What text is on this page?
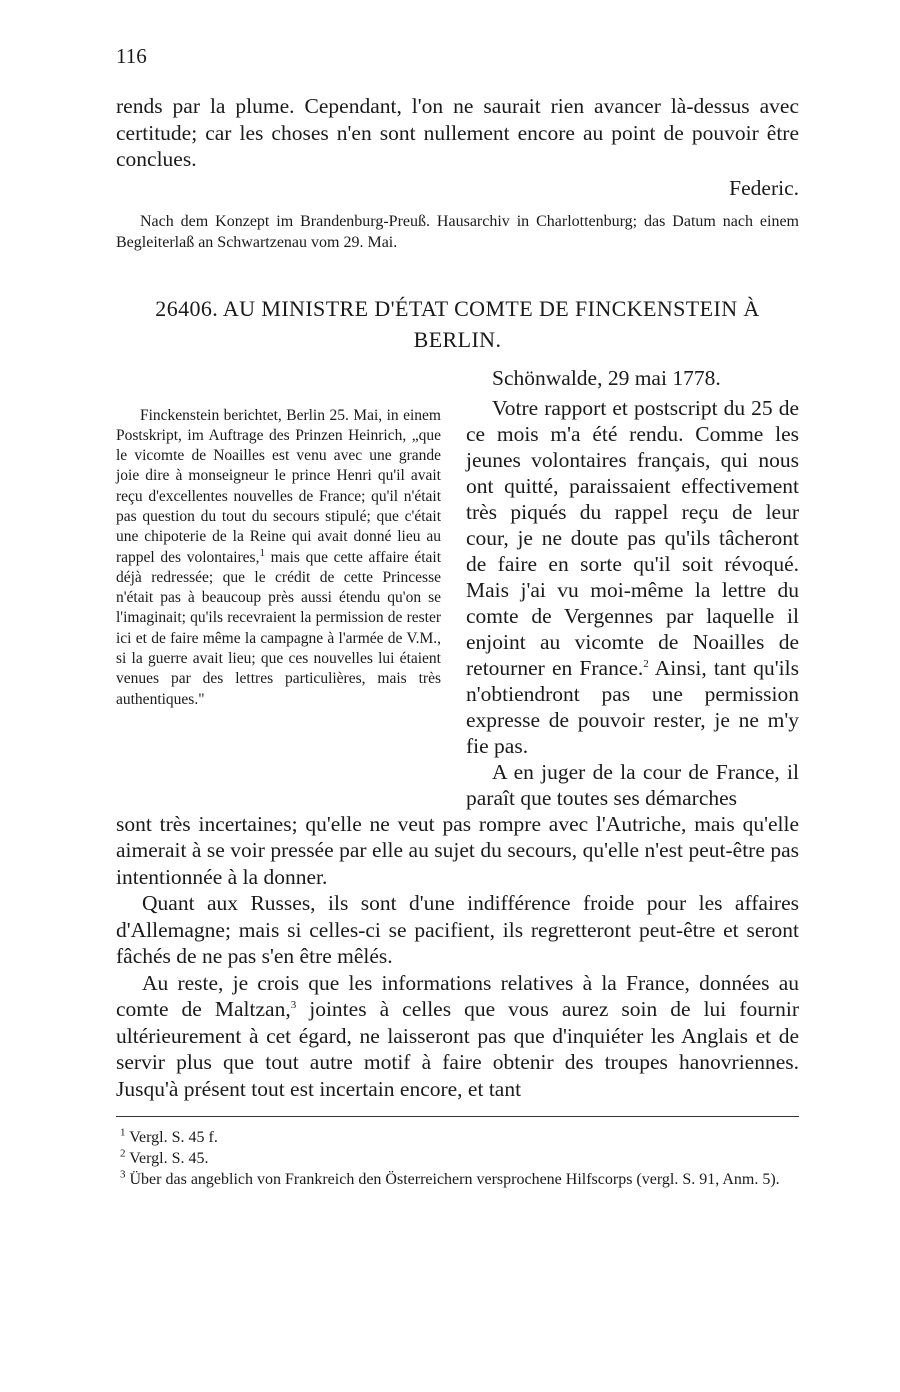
116

rends par la plume. Cependant, l'on ne saurait rien avancer là-dessus avec certitude; car les choses n'en sont nullement encore au point de pouvoir être conclues.

Federic.

Nach dem Konzept im Brandenburg-Preuß. Hausarchiv in Charlottenburg; das Datum nach einem Begleiterlaß an Schwartzenau vom 29. Mai.

26406. AU MINISTRE D'ÉTAT COMTE DE FINCKENSTEIN À
BERLIN.

Finckenstein berichtet, Berlin 25. Mai, in einem Postskript, im Auftrage des Prinzen Heinrich, „que le vicomte de Noailles est venu avec une grande joie dire à monseigneur le prince Henri qu'il avait reçu d'excellentes nouvelles de France; qu'il n'était pas question du tout du secours stipulé; que c'était une chipoterie de la Reine qui avait donné lieu au rappel des volontaires,$^1$ mais que cette affaire était déjà redressée; que le crédit de cette Princesse n'était pas à beaucoup près aussi étendu qu'on se l'imaginait; qu'ils recevraient la permission de rester ici et de faire même la campagne à l'armée de V.M., si la guerre avait lieu; que ces nouvelles lui étaient venues par des lettres particulières, mais très authentiques."

Schönwalde, 29 mai 1778.

Votre rapport et postscript du 25 de ce mois m'a été rendu. Comme les jeunes volontaires français, qui nous ont quitté, paraissaient effectivement très piqués du rappel reçu de leur cour, je ne doute pas qu'ils tâcheront de faire en sorte qu'il soit révoqué. Mais j'ai vu moi-même la lettre du comte de Vergennes par laquelle il enjoint au vicomte de Noailles de retourner en France.$^2$ Ainsi, tant qu'ils n'obtiendront pas une permission expresse de pouvoir rester, je ne m'y fie pas.

A en juger de la cour de France, il paraît que toutes ses démarches

sont très incertaines; qu'elle ne veut pas rompre avec l'Autriche, mais qu'elle aimerait à se voir pressée par elle au sujet du secours, qu'elle n'est peut-être pas intentionnée à la donner.

Quant aux Russes, ils sont d'une indifférence froide pour les affaires d'Allemagne; mais si celles-ci se pacifient, ils regretteront peut-être et seront fâchés de ne pas s'en être mêlés.

Au reste, je crois que les informations relatives à la France, données au comte de Maltzan,$^3$ jointes à celles que vous aurez soin de lui fournir ultérieurement à cet égard, ne laisseront pas que d'inquiéter les Anglais et de servir plus que tout autre motif à faire obtenir des troupes hanovriennes. Jusqu'à présent tout est incertain encore, et tant

$^1$ Vergl. S. 45 f.

$^2$ Vergl. S. 45.

$^3$ Über das angeblich von Frankreich den Österreichern versprochene Hilfscorps (vergl. S. 91, Anm. 5).
